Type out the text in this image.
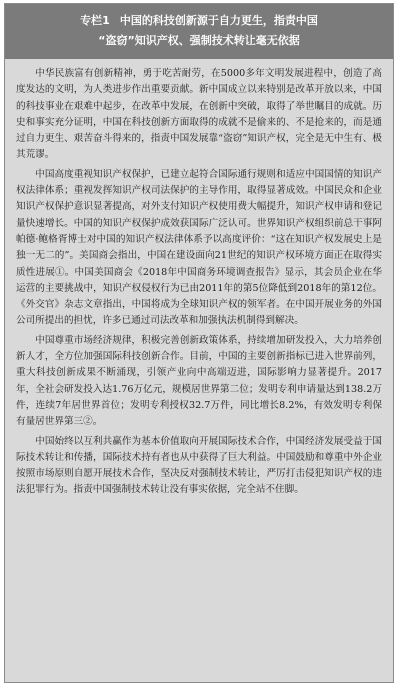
专栏1 中国的科技创新源于自力更生，指责中国
“盗窃”知识产权、强制技术转让毫无依据

中华民族富有创新精神，勇于吃苦耐劳，在5000多年文明发展进程中，创造了高度发达的文明，为人类进步作出重要贡献。新中国成立以来特别是改革开放以来，中国的科技事业在艰难中起步，在改革中发展，在创新中突破，取得了举世瞩目的成就。历史和事实充分证明，中国在科技创新方面取得的成就不是偷来的、不是抢来的，而是通过自力更生、艰苦奋斗得来的，指责中国发展靠“盗窃”知识产权，完全是无中生有、极其荒谬。

中国高度重视知识产权保护，已建立起符合国际通行规则和适应中国国情的知识产权法律体系；重视发挥知识产权司法保护的主导作用，取得显著成效。中国民众和企业知识产权保护意识显著提高，对外支付知识产权使用费大幅提升，知识产权申请和登记量快速增长。中国的知识产权保护成效获国际广泛认可。世界知识产权组织前总干事阿帕德·鲍格胥博士对中国的知识产权法律体系予以高度评价：“这在知识产权发展史上是独一无二的”。美国商会指出，中国在建设面向21世纪的知识产权环境方面正在取得实质性进展①。中国美国商会《2018年中国商务环境调查报告》显示，其会员企业在华运营的主要挑战中，知识产权侵权行为已由2011年的第5位降低到2018年的第12位。《外交官》杂志文章指出，中国将成为全球知识产权的领军者。在中国开展业务的外国公司所提出的担忧，许多已通过司法改革和加强执法机制得到解决。

中国尊重市场经济规律，积极完善创新政策体系，持续增加研发投入，大力培养创新人才，全方位加强国际科技创新合作。目前，中国的主要创新指标已进入世界前列，重大科技创新成果不断涌现，引领产业向中高端迈进，国际影响力显著提升。2017年，全社会研发投入达1.76万亿元，规模居世界第二位；发明专利申请量达到138.2万件，连续7年居世界首位；发明专利授权32.7万件，同比增长8.2%，有效发明专利保有量居世界第三②。

中国始终以互利共赢作为基本价值取向开展国际技术合作，中国经济发展受益于国际技术转让和传播，国际技术持有者也从中获得了巨大利益。中国鼓励和尊重中外企业按照市场原则自愿开展技术合作，坚决反对强制技术转让，严厉打击侵犯知识产权的违法犯罪行为。指责中国强制技术转让没有事实依据，完全站不住脚。
